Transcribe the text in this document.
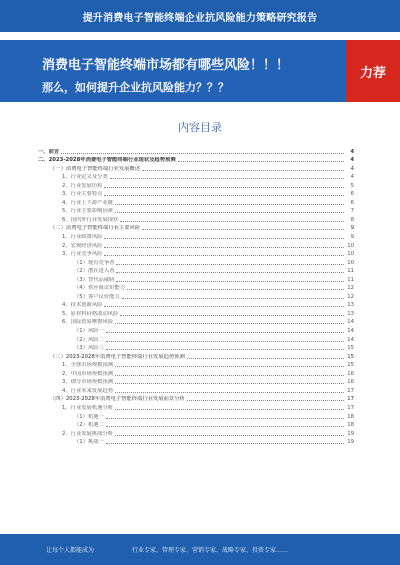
提升消费电子智能终端企业抗风险能力策略研究报告
消费电子智能终端市场都有哪些风险！！！
那么，如何提升企业抗风险能力？？？
力荐
内容目录
一、前言	4
二、2023-2028年消费电子智能终端行业现状及趋势预测	4
（一）消费电子智能终端行业发展概述	4
1、行业定义及分类	4
2、行业发展历程	5
3、行业主要特点	6
4、行业上下游产业链	6
5、行业主要影响因素	7
6、国内外行业发展现状	8
（二）消费电子智能终端行业主要风险	9
1、行业政策风险	9
2、宏观经济风险	10
3、行业竞争风险	10
（1）现有竞争者	10
（2）潜在进入者	11
（3）替代品威胁	11
（4）供应商议价能力	12
（5）客户议价能力	12
4、技术创新风险	13
5、原材料价格波动风险	13
6、国际贸易摩擦风险	14
（1）风险一	14
（2）风险二	14
（3）风险三	15
（三）2023-2028年消费电子智能终端行业发展趋势预测	15
1、全球市场规模预测	15
2、中国市场规模预测	16
3、细分市场规模预测	16
4、行业未来发展趋势	17
（四）2023-2028年消费电子智能终端行业发展前景分析	17
1、行业发展机遇分析	17
（1）机遇一	18
（2）机遇二	18
2、行业发展挑战分析	19
（1）挑战一	19
让每个人都能成为	行业专家、管理专家、营销专家、战略专家、投资专家……
